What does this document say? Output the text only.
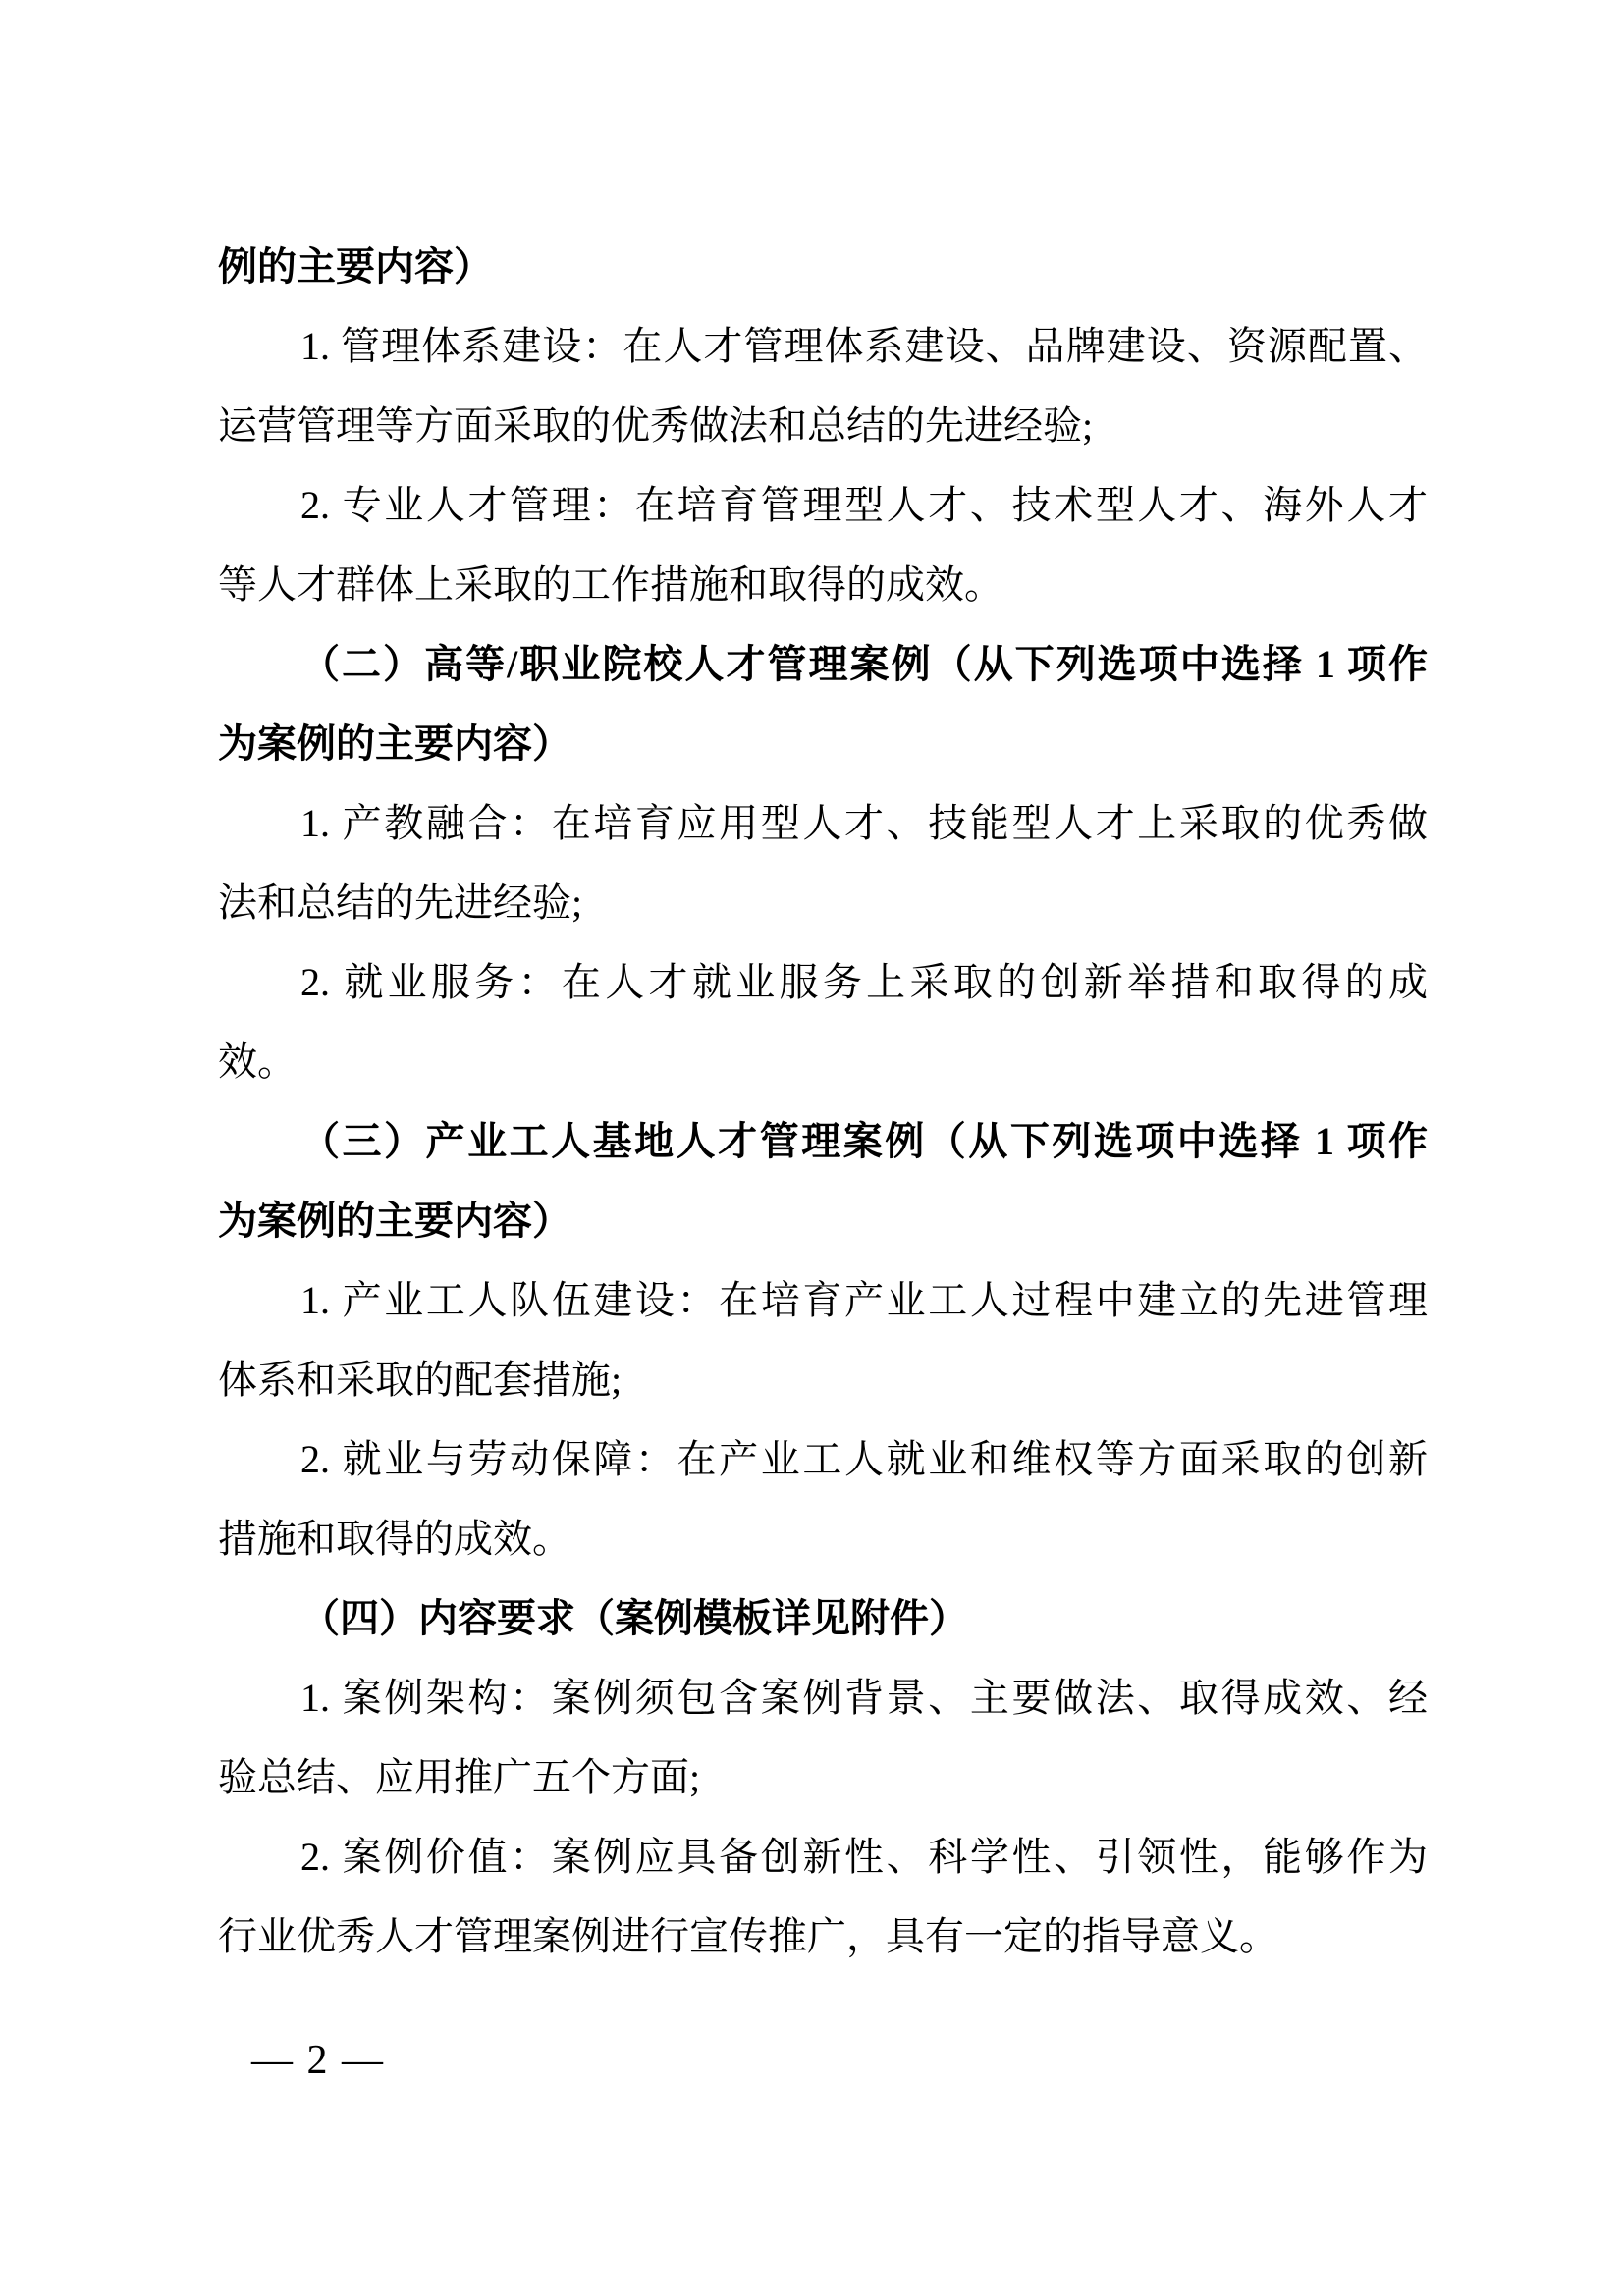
例的主要内容）
1. 管理体系建设：在人才管理体系建设、品牌建设、资源配置、
运营管理等方面采取的优秀做法和总结的先进经验;
2. 专业人才管理：在培育管理型人才、技术型人才、海外人才
等人才群体上采取的工作措施和取得的成效。
（二）高等/职业院校人才管理案例（从下列选项中选择 1 项作
为案例的主要内容）
1. 产教融合：在培育应用型人才、技能型人才上采取的优秀做
法和总结的先进经验;
2. 就业服务：在人才就业服务上采取的创新举措和取得的成
效。
（三）产业工人基地人才管理案例（从下列选项中选择 1 项作
为案例的主要内容）
1. 产业工人队伍建设：在培育产业工人过程中建立的先进管理
体系和采取的配套措施;
2. 就业与劳动保障：在产业工人就业和维权等方面采取的创新
措施和取得的成效。
（四）内容要求（案例模板详见附件）
1. 案例架构：案例须包含案例背景、主要做法、取得成效、经
验总结、应用推广五个方面;
2. 案例价值：案例应具备创新性、科学性、引领性，能够作为
行业优秀人才管理案例进行宣传推广，具有一定的指导意义。
— 2 —
